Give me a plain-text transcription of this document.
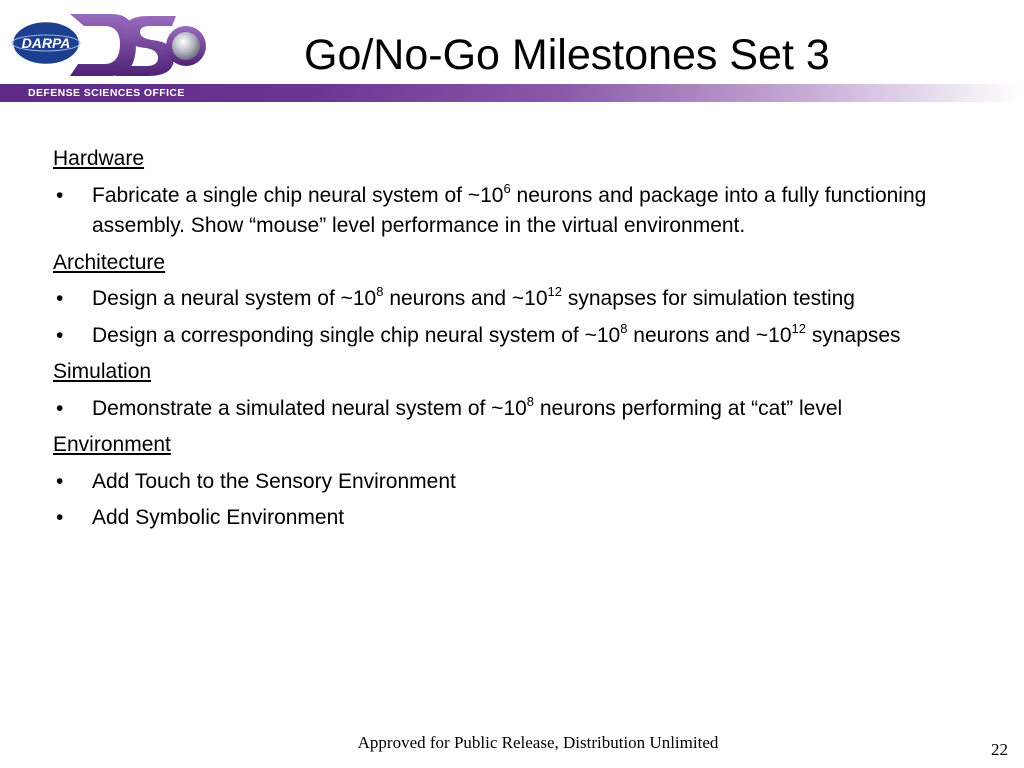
DARPA
DEFENSE SCIENCES OFFICE
Go/No-Go Milestones Set 3
Hardware
• Fabricate a single chip neural system of $\sim 10^6$ neurons and package into a fully functioning assembly. Show “mouse” level performance in the virtual environment.
Architecture
• Design a neural system of $\sim 10^8$ neurons and $\sim 10^{12}$ synapses for simulation testing
• Design a corresponding single chip neural system of $\sim 10^8$ neurons and $\sim 10^{12}$ synapses
Simulation
• Demonstrate a simulated neural system of $\sim 10^8$ neurons performing at “cat” level
Environment
• Add Touch to the Sensory Environment
• Add Symbolic Environment
Approved for Public Release, Distribution Unlimited	22
